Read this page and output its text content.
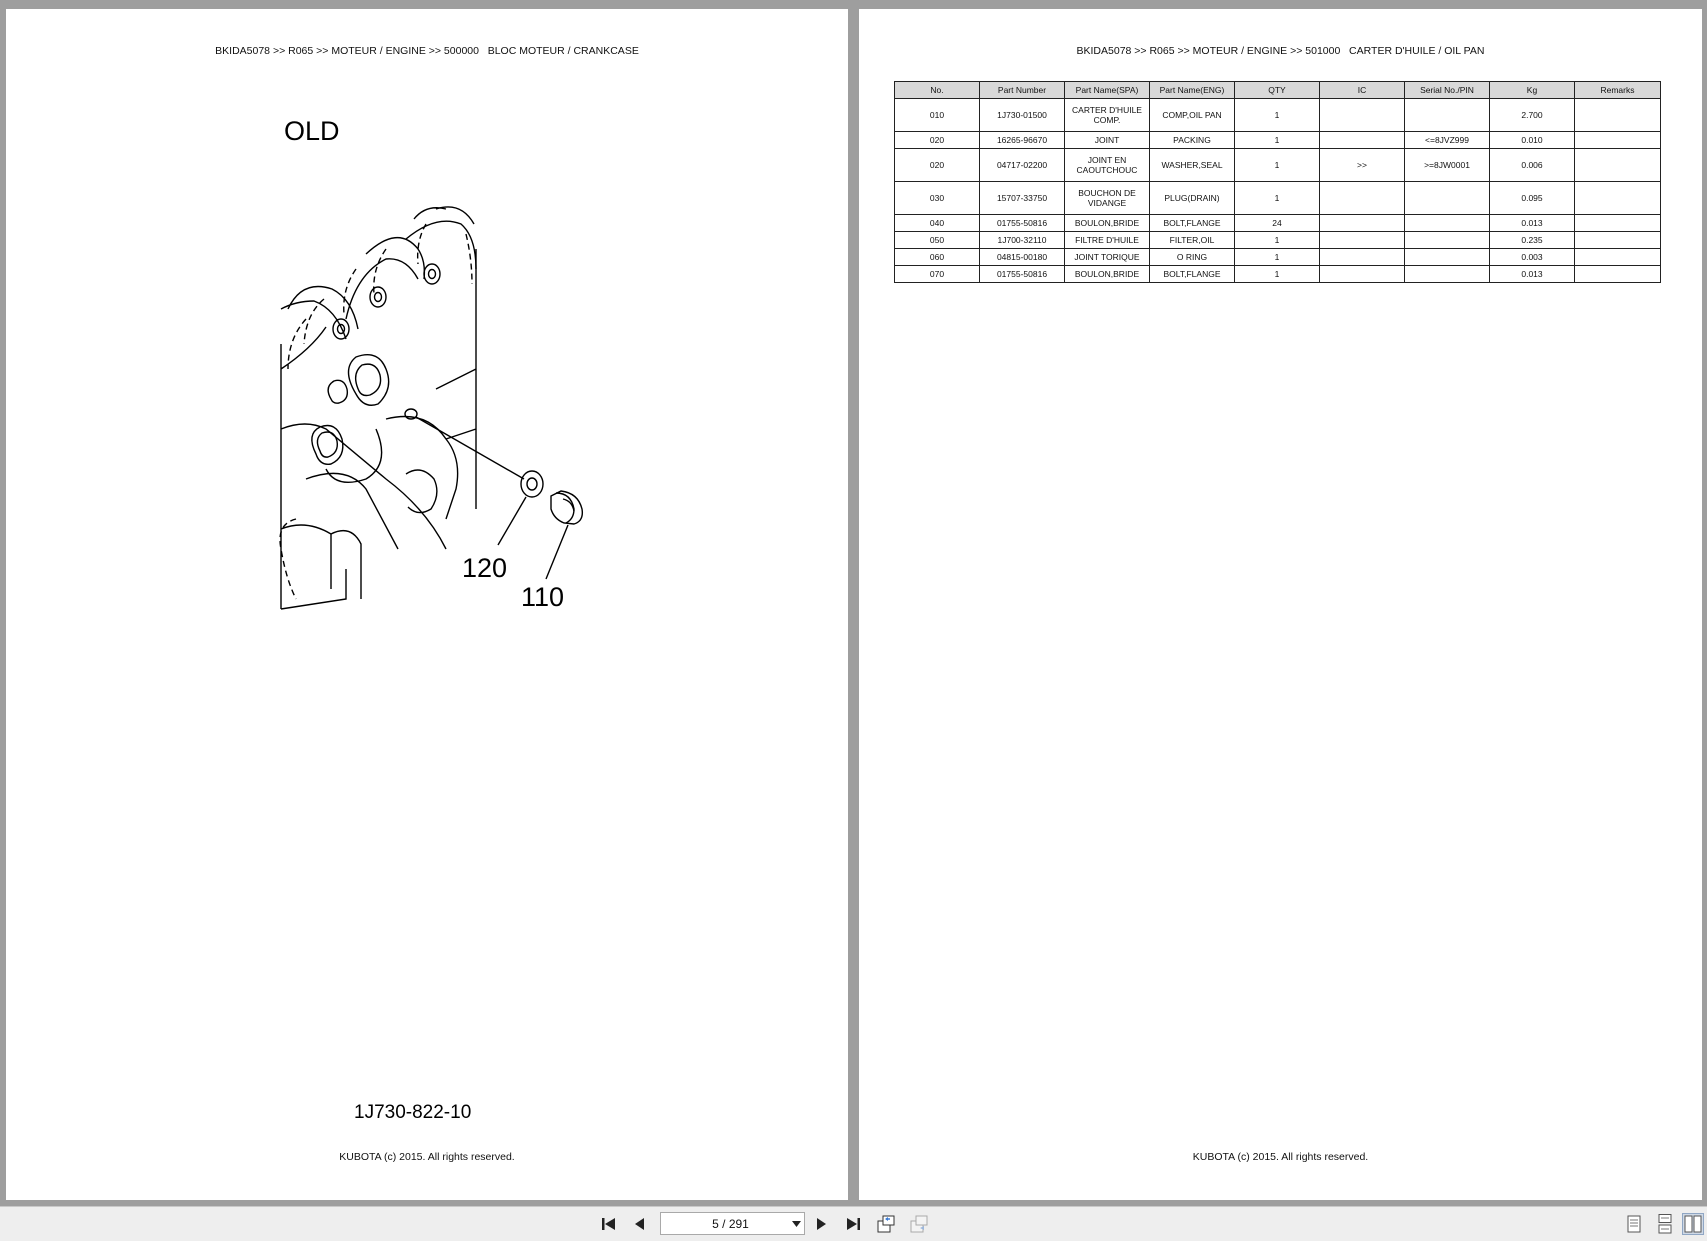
BKIDA5078 >> R065 >> MOTEUR / ENGINE >> 500000   BLOC MOTEUR / CRANKCASE
OLD
120
110
1J730-822-10
KUBOTA (c) 2015. All rights reserved.
BKIDA5078 >> R065 >> MOTEUR / ENGINE >> 501000   CARTER D'HUILE / OIL PAN
No.	Part Number	Part Name(SPA)	Part Name(ENG)	QTY	IC	Serial No./PIN	Kg	Remarks
010	1J730-01500	CARTER D'HUILE COMP.	COMP,OIL PAN	1			2.700	
020	16265-96670	JOINT	PACKING	1		<=8JVZ999	0.010	
020	04717-02200	JOINT EN CAOUTCHOUC	WASHER,SEAL	1	>>	>=8JW0001	0.006	
030	15707-33750	BOUCHON DE VIDANGE	PLUG(DRAIN)	1			0.095	
040	01755-50816	BOULON,BRIDE	BOLT,FLANGE	24			0.013	
050	1J700-32110	FILTRE D'HUILE	FILTER,OIL	1			0.235	
060	04815-00180	JOINT TORIQUE	O RING	1			0.003	
070	01755-50816	BOULON,BRIDE	BOLT,FLANGE	1			0.013	
KUBOTA (c) 2015. All rights reserved.
5 / 291
